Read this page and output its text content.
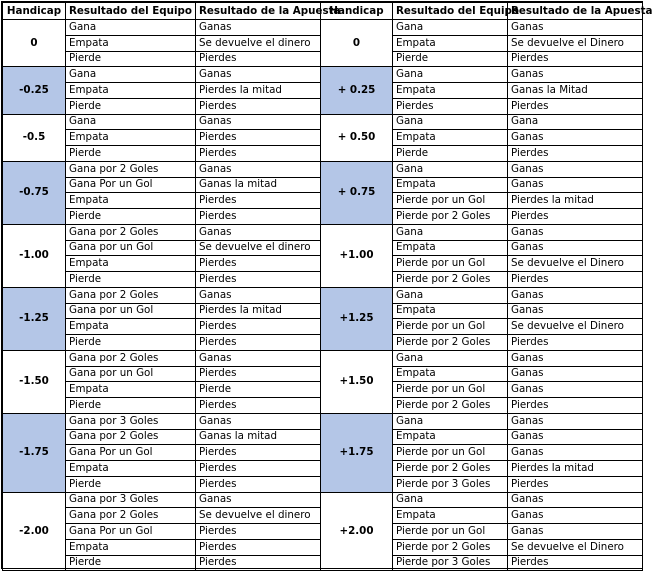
Handicap	Resultado del Equipo	Resultado de la Apuesta	Handicap	Resultado del Equipo	Resultado de la Apuesta
0	Gana	Ganas	0	Gana	Ganas
	Empata	Se devuelve el dinero		Empata	Se devuelve el Dinero
	Pierde	Pierdes		Pierde	Pierdes
-0.25	Gana	Ganas	+ 0.25	Gana	Ganas
	Empata	Pierdes la mitad		Empata	Ganas la Mitad
	Pierde	Pierdes		Pierdes	Pierdes
-0.5	Gana	Ganas	+ 0.50	Gana	Gana
	Empata	Pierdes		Empata	Ganas
	Pierde	Pierdes		Pierde	Pierdes
-0.75	Gana por 2 Goles	Ganas	+ 0.75	Gana	Ganas
	Gana Por un Gol	Ganas la mitad		Empata	Ganas
	Empata	Pierdes		Pierde por un Gol	Pierdes la mitad
	Pierde	Pierdes		Pierde por 2 Goles	Pierdes
-1.00	Gana por 2 Goles	Ganas	+1.00	Gana	Ganas
	Gana por un Gol	Se devuelve el dinero		Empata	Ganas
	Empata	Pierdes		Pierde por un Gol	Se devuelve el Dinero
	Pierde	Pierdes		Pierde por 2 Goles	Pierdes
-1.25	Gana por 2 Goles	Ganas	+1.25	Gana	Ganas
	Gana por un Gol	Pierdes la mitad		Empata	Ganas
	Empata	Pierdes		Pierde por un Gol	Se devuelve el Dinero
	Pierde	Pierdes		Pierde por 2 Goles	Pierdes
-1.50	Gana por 2 Goles	Ganas	+1.50	Gana	Ganas
	Gana por un Gol	Pierdes		Empata	Ganas
	Empata	Pierde		Pierde por un Gol	Ganas
	Pierde	Pierdes		Pierde por 2 Goles	Pierdes
-1.75	Gana por 3 Goles	Ganas	+1.75	Gana	Ganas
	Gana por 2 Goles	Ganas la mitad		Empata	Ganas
	Gana Por un Gol	Pierdes		Pierde por un Gol	Ganas
	Empata	Pierdes		Pierde por 2 Goles	Pierdes la mitad
	Pierde	Pierdes		Pierde por 3 Goles	Pierdes
-2.00	Gana por 3 Goles	Ganas	+2.00	Gana	Ganas
	Gana por 2 Goles	Se devuelve el dinero		Empata	Ganas
	Gana Por un Gol	Pierdes		Pierde por un Gol	Ganas
	Empata	Pierdes		Pierde por 2 Goles	Se devuelve el Dinero
	Pierde	Pierdes		Pierde por 3 Goles	Pierdes
